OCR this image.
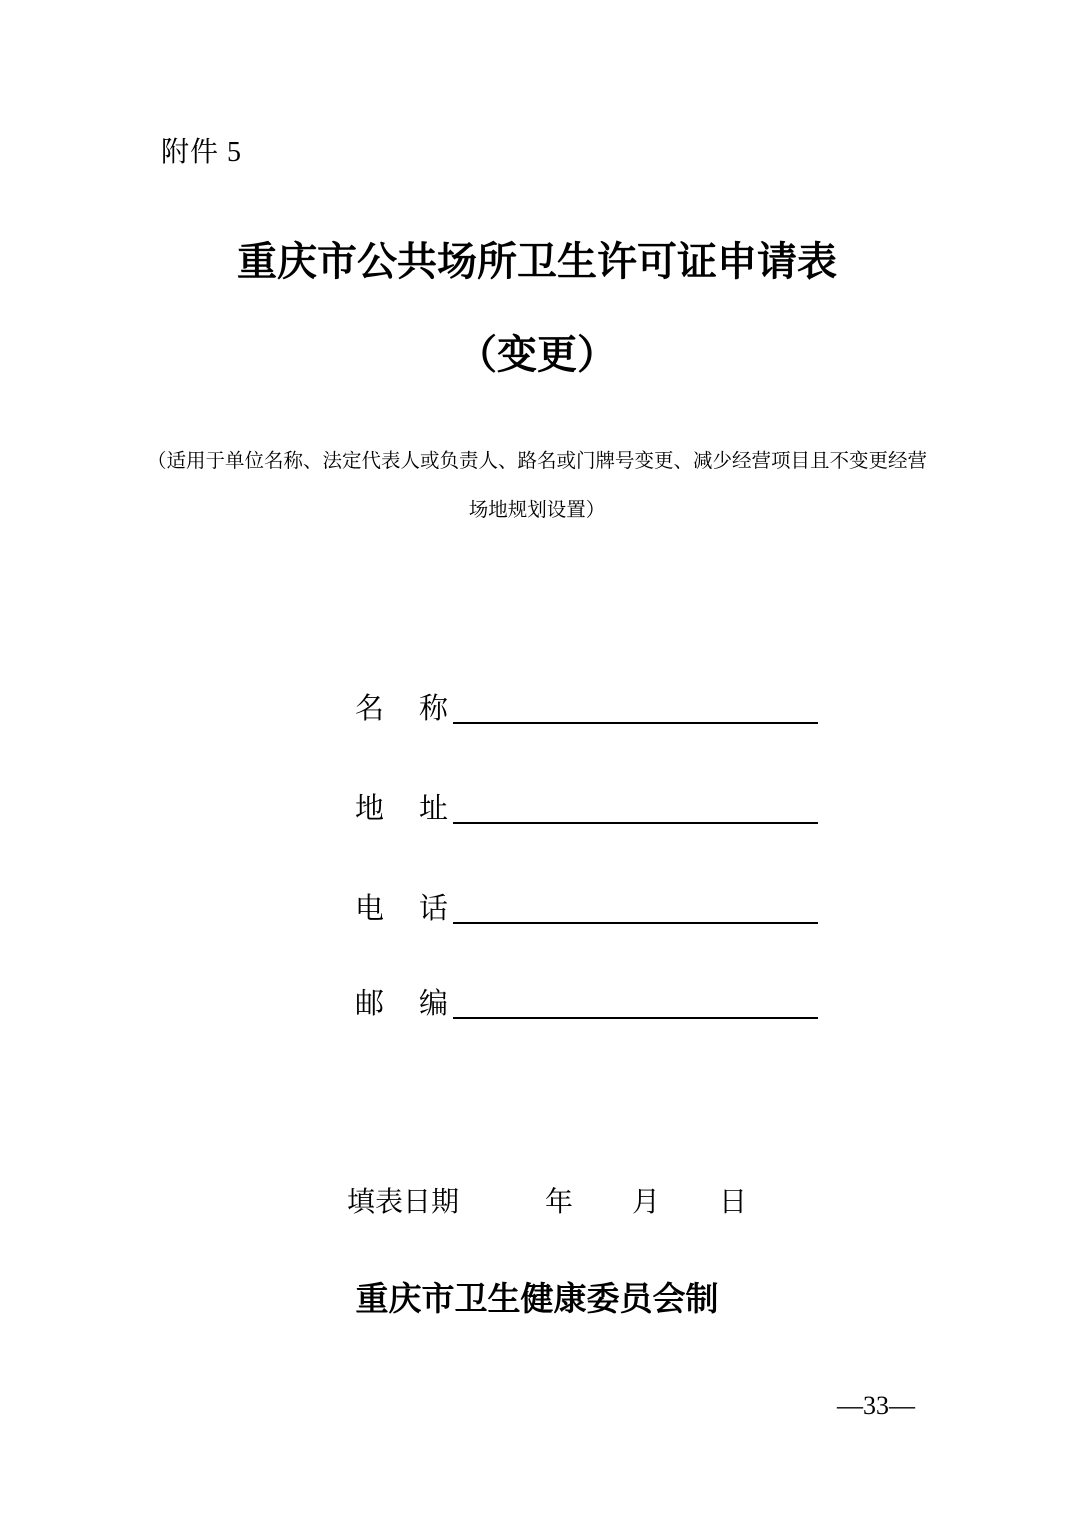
附件 5
重庆市公共场所卫生许可证申请表
（变更）
（适用于单位名称、法定代表人或负责人、路名或门牌号变更、减少经营项目且不变更经营
场地规划设置）
名　称
地　址
电　话
邮　编
填表日期	年 月 日
重庆市卫生健康委员会制
—33—
